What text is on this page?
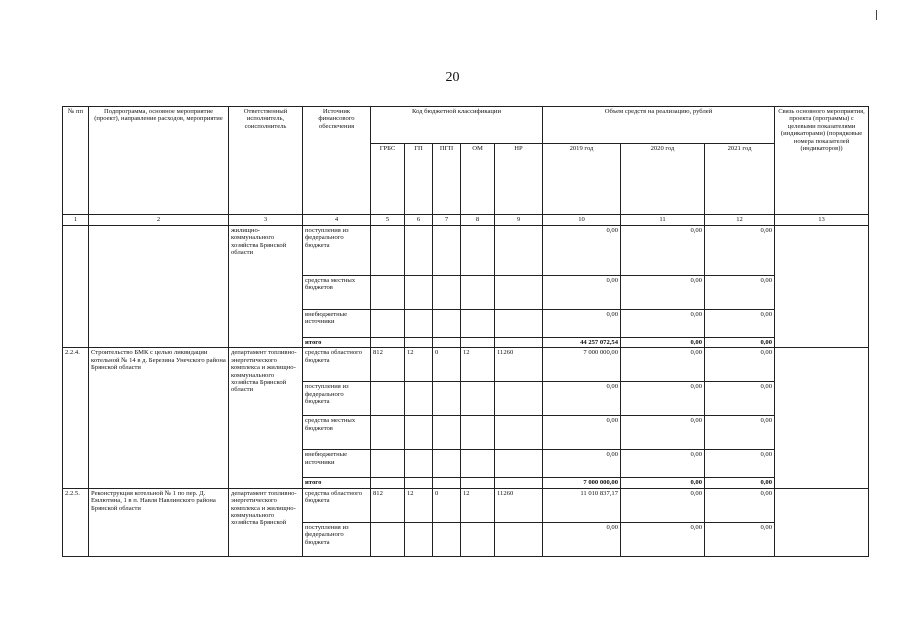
20
№ пп	Подпрограмма, основное мероприятие (проект), направление расходов, мероприятие	Ответственный исполнитель, соисполнитель	Источник финансового обеспечения	Код бюджетной классификации					Объем средств на реализацию, рублей			Связь основного мероприятия, проекта (программы) с целевыми показателями (индикаторами) (порядковые номера показателей (индикаторов))
				ГРБС	ГП	ПГП	ОМ	НР	2019 год	2020 год	2021 год	
1	2	3	4	5	6	7	8	9	10	11	12	13
		жилищно-коммунального хозяйства Брянской области	поступления из федерального бюджета						0,00	0,00	0,00	
			средства местных бюджетов						0,00	0,00	0,00	
			внебюджетные источники						0,00	0,00	0,00	
			итого						44 257 072,54	0,00	0,00	
2.2.4.	Строительство БМК с целью ликвидации котельной № 14 в д. Березина Унечского района Брянской области	департамент топливно-энергетического комплекса и жилищно-коммунального хозяйства Брянской области	средства областного бюджета	812	12	0	12	11260	7 000 000,00	0,00	0,00	
			поступления из федерального бюджета						0,00	0,00	0,00	
			средства местных бюджетов						0,00	0,00	0,00	
			внебюджетные источники						0,00	0,00	0,00	
			итого						7 000 000,00	0,00	0,00	
2.2.5.	Реконструкция котельной № 1 по пер. Д. Емлютина, 1 в п. Навля Навлинского района Брянской области	департамент топливно-энергетического комплекса и жилищно-коммунального хозяйства Брянской	средства областного бюджета	812	12	0	12	11260	11 010 837,17	0,00	0,00	
			поступления из федерального бюджета						0,00	0,00	0,00	
